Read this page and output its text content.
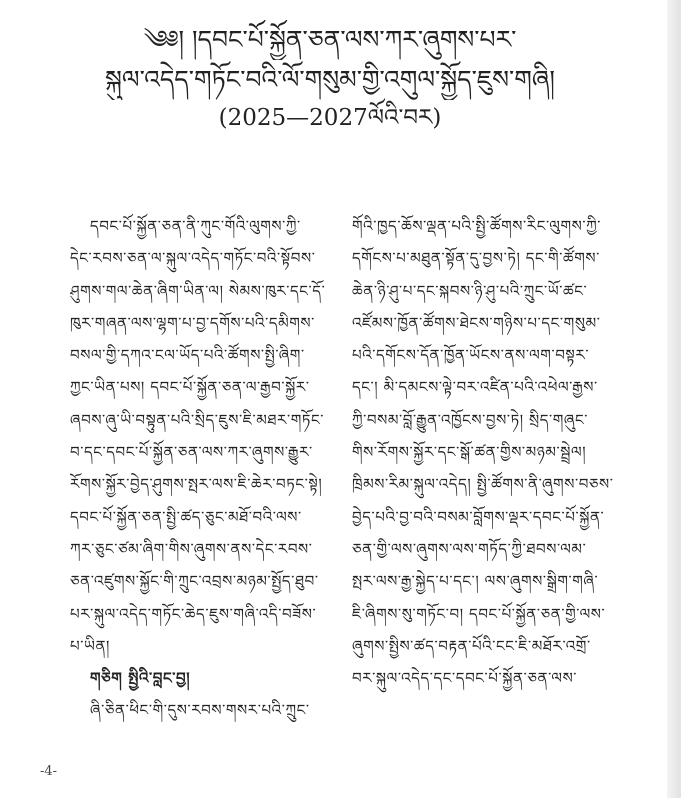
༄༅། །དབང་པོ་སྐྱོན་ཅན་ལས་ཀར་ཞུགས་པར་
སྐུལ་འདེད་གཏོང་བའི་ལོ་གསུམ་གྱི་འགུལ་སྐྱོད་ཇུས་གཞི།
(2025—2027ལོའི་བར)
དབང་པོ་སྐྱོན་ཅན་ནི་ཀུང་གོའི་ལུགས་ཀྱི་
དེང་རབས་ཅན་ལ་སྐུལ་འདེད་གཏོང་བའི་སྟོབས་
ཤུགས་གལ་ཆེན་ཞིག་ཡིན་ལ། སེམས་ཁུར་དང་དོ་
ཁུར་གཞན་ལས་ལྷག་པ་བྱ་དགོས་པའི་དམིགས་
བསལ་གྱི་དཀའ་ངལ་ཡོད་པའི་ཚོགས་སྤྱི་ཞིག་
ཀྱང་ཡིན་པས། དབང་པོ་སྐྱོན་ཅན་ལ་རྒྱབ་སྐྱོར་
ཞབས་ཞུ་ཡི་བསྟུན་པའི་སྲིད་ཇུས་ཇི་མཐར་གཏོང་
བ་དང་དབང་པོ་སྐྱོན་ཅན་ལས་ཀར་ཞུགས་རྒྱུར་
རོགས་སྐྱོར་བྱེད་ཤུགས་སྤར་ལས་ཇི་ཆེར་བཏང་སྟེ།
དབང་པོ་སྐྱོན་ཅན་སྤྱི་ཚད་ཅུང་མཐོ་བའི་ལས་
ཀར་ཅུང་ཙམ་ཞིག་གིས་ཞུགས་ནས་དེང་རབས་
ཅན་འཛུགས་སྐྱོང་གི་ཀྲུང་འབྲས་མཉམ་སྤྱོད་ཐུབ་
པར་སྐུལ་འདེད་གཏོང་ཆེད་ཇུས་གཞི་འདི་བཟོས་
པ་ཡིན།
གཅིག སྤྱིའི་བླང་བྱ།
ཞི་ཅིན་ཕིང་གི་དུས་རབས་གསར་པའི་ཀྲུང་
གོའི་ཁྱད་ཆོས་ལྡན་པའི་སྤྱི་ཚོགས་རིང་ལུགས་ཀྱི་
དགོངས་པ་མཐུན་སྟོན་དུ་བྱས་ཏེ། དང་གི་ཚོགས་
ཆེན་ཉི་ཤུ་པ་དང་སྐབས་ཉི་ཤུ་པའི་ཀྲུང་ཡོ་ཚང་
འཛོམས་ཁྱོན་ཚོགས་ཐེངས་གཉིས་པ་དང་གསུམ་
པའི་དགོངས་དོན་ཁྱོན་ཡོངས་ནས་ལག་བསྟར་
དང་། མི་དམངས་ལྟེ་བར་འཛིན་པའི་འཕེལ་རྒྱས་
ཀྱི་བསམ་བློ་རྒྱུན་འཁྱོངས་བྱས་ཏེ། སྲིད་གཞུང་
གིས་རོགས་སྐྱོར་དང་སྒོ་ཚན་གྱིས་མཉམ་སྦྲེལ།
ཁྲིམས་རིམ་སྐུལ་འདེད། སྤྱི་ཚོགས་ནི་ཞུགས་བཅས་
བྱེད་པའི་བྱ་བའི་བསམ་བློགས་ལྡར་དབང་པོ་སྐྱོན་
ཅན་གྱི་ལས་ཞུགས་ལས་གཏོད་ཀྱི་ཐབས་ལམ་
སྤར་ལས་རྒྱ་སྐྱེད་པ་དང་། ལས་ཞུགས་སྒྲིག་གཞི་
ཇི་ཞིགས་སུ་གཏོང་བ། དབང་པོ་སྐྱོན་ཅན་གྱི་ལས་
ཞུགས་སྤྱིས་ཚད་བརྟན་པོའི་ངང་ཇི་མཐོར་འགྲོ་
བར་སྐུལ་འདེད་དང་དབང་པོ་སྐྱོན་ཅན་ལས་
-4-
